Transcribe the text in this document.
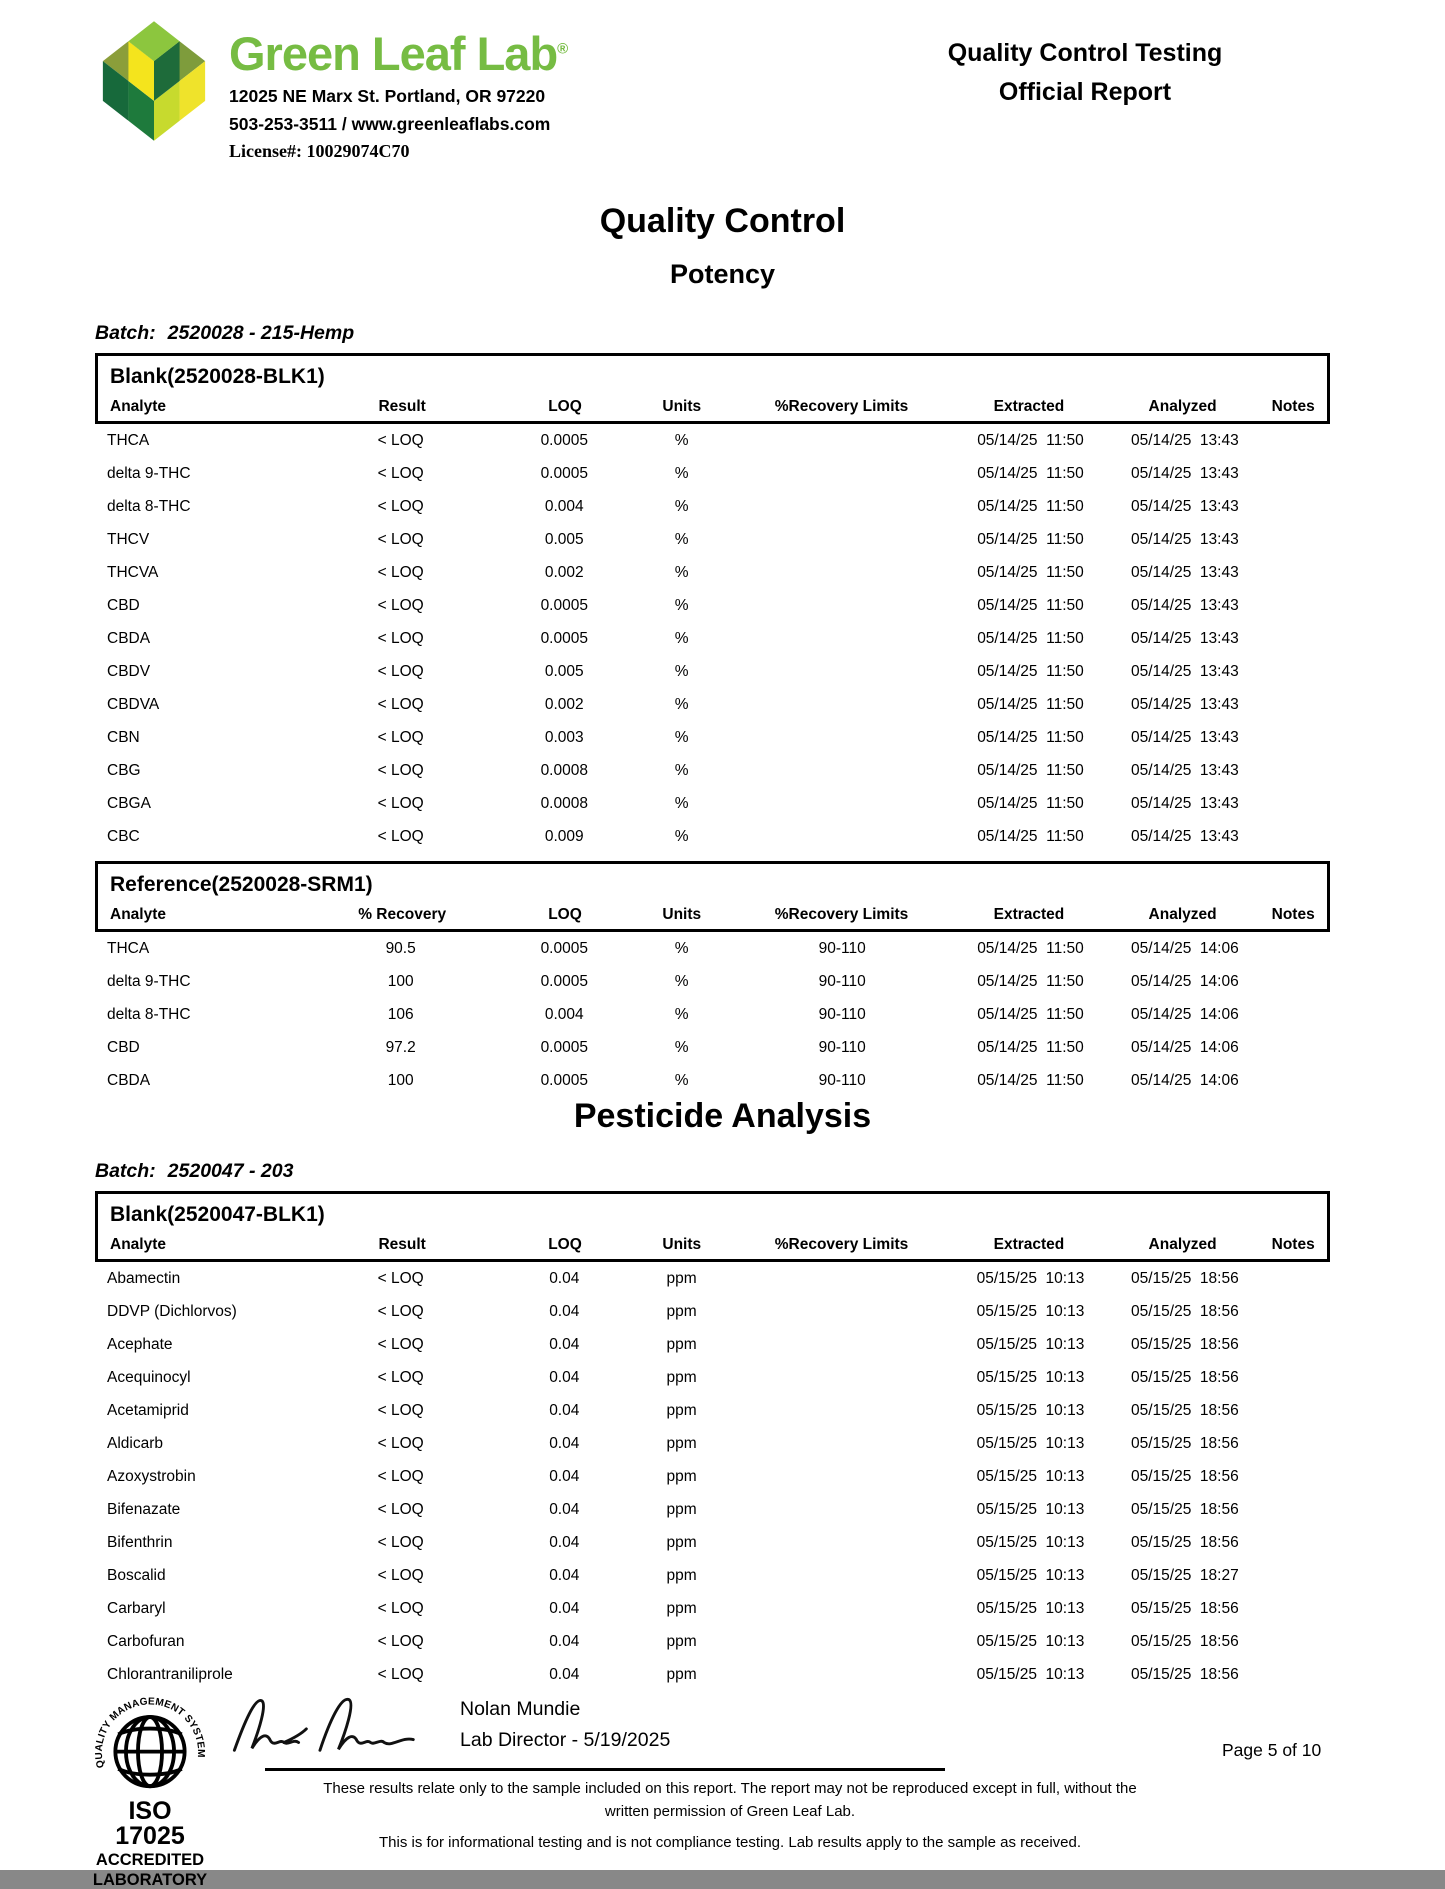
Green Leaf Lab®
12025 NE Marx St. Portland, OR 97220
503-253-3511 / www.greenleaflabs.com
License#: 10029074C70
Quality Control Testing
Official Report
Quality Control
Potency
Batch: 2520028 - 215-Hemp
Blank(2520028-BLK1)
Analyte	Result	LOQ	Units	%Recovery Limits	Extracted	Analyzed	Notes
THCA	< LOQ	0.0005	%		05/14/25  11:50	05/14/25  13:43	
delta 9-THC	< LOQ	0.0005	%		05/14/25  11:50	05/14/25  13:43	
delta 8-THC	< LOQ	0.004	%		05/14/25  11:50	05/14/25  13:43	
THCV	< LOQ	0.005	%		05/14/25  11:50	05/14/25  13:43	
THCVA	< LOQ	0.002	%		05/14/25  11:50	05/14/25  13:43	
CBD	< LOQ	0.0005	%		05/14/25  11:50	05/14/25  13:43	
CBDA	< LOQ	0.0005	%		05/14/25  11:50	05/14/25  13:43	
CBDV	< LOQ	0.005	%		05/14/25  11:50	05/14/25  13:43	
CBDVA	< LOQ	0.002	%		05/14/25  11:50	05/14/25  13:43	
CBN	< LOQ	0.003	%		05/14/25  11:50	05/14/25  13:43	
CBG	< LOQ	0.0008	%		05/14/25  11:50	05/14/25  13:43	
CBGA	< LOQ	0.0008	%		05/14/25  11:50	05/14/25  13:43	
CBC	< LOQ	0.009	%		05/14/25  11:50	05/14/25  13:43	
Reference(2520028-SRM1)
Analyte	% Recovery	LOQ	Units	%Recovery Limits	Extracted	Analyzed	Notes
THCA	90.5	0.0005	%	90-110	05/14/25  11:50	05/14/25  14:06	
delta 9-THC	100	0.0005	%	90-110	05/14/25  11:50	05/14/25  14:06	
delta 8-THC	106	0.004	%	90-110	05/14/25  11:50	05/14/25  14:06	
CBD	97.2	0.0005	%	90-110	05/14/25  11:50	05/14/25  14:06	
CBDA	100	0.0005	%	90-110	05/14/25  11:50	05/14/25  14:06	
Pesticide Analysis
Batch: 2520047 - 203
Blank(2520047-BLK1)
Analyte	Result	LOQ	Units	%Recovery Limits	Extracted	Analyzed	Notes
Abamectin	< LOQ	0.04	ppm		05/15/25  10:13	05/15/25  18:56	
DDVP (Dichlorvos)	< LOQ	0.04	ppm		05/15/25  10:13	05/15/25  18:56	
Acephate	< LOQ	0.04	ppm		05/15/25  10:13	05/15/25  18:56	
Acequinocyl	< LOQ	0.04	ppm		05/15/25  10:13	05/15/25  18:56	
Acetamiprid	< LOQ	0.04	ppm		05/15/25  10:13	05/15/25  18:56	
Aldicarb	< LOQ	0.04	ppm		05/15/25  10:13	05/15/25  18:56	
Azoxystrobin	< LOQ	0.04	ppm		05/15/25  10:13	05/15/25  18:56	
Bifenazate	< LOQ	0.04	ppm		05/15/25  10:13	05/15/25  18:56	
Bifenthrin	< LOQ	0.04	ppm		05/15/25  10:13	05/15/25  18:56	
Boscalid	< LOQ	0.04	ppm		05/15/25  10:13	05/15/25  18:27	
Carbaryl	< LOQ	0.04	ppm		05/15/25  10:13	05/15/25  18:56	
Carbofuran	< LOQ	0.04	ppm		05/15/25  10:13	05/15/25  18:56	
Chlorantraniliprole	< LOQ	0.04	ppm		05/15/25  10:13	05/15/25  18:56	
QUALITY MANAGEMENT SYSTEM
ISO 17025
ACCREDITED
LABORATORY
Nolan Mundie
Lab Director - 5/19/2025

These results relate only to the sample included on this report. The report may not be reproduced except in full, without the
written permission of Green Leaf Lab.

This is for informational testing and is not compliance testing. Lab results apply to the sample as received.

Page 5 of 10
